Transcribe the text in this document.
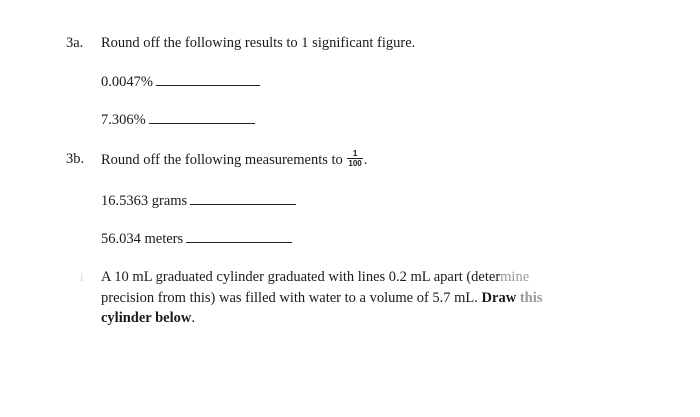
3a. Round off the following results to 1 significant figure.
0.0047%
7.306%
3b. Round off the following measurements to $\frac{1}{100}$ .
16.5363 grams
56.034 meters
i A 10 mL graduated cylinder graduated with lines 0.2 mL apart (determine precision from this) was filled with water to a volume of 5.7 mL. Draw this cylinder below.
